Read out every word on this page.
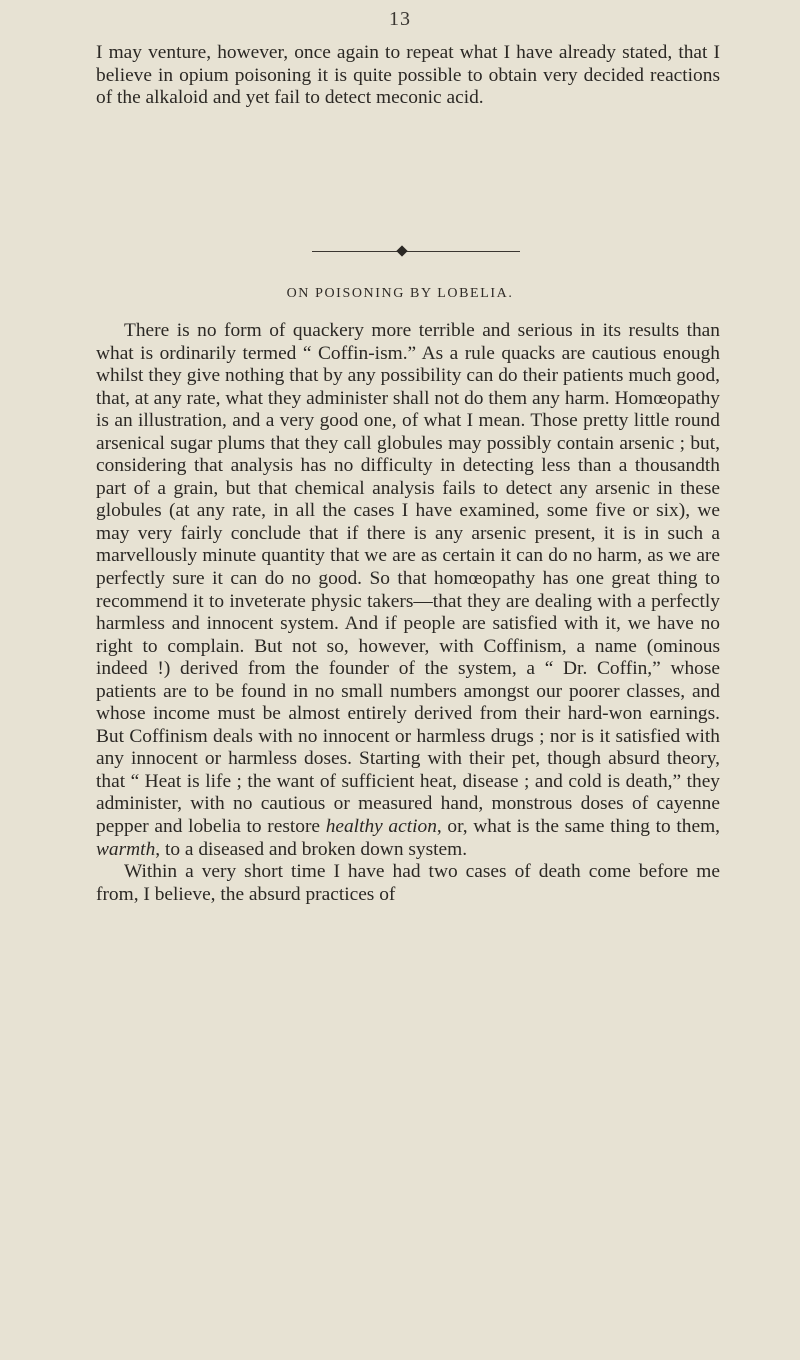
13

I may venture, however, once again to repeat what I have already stated, that I believe in opium poisoning it is quite possible to obtain very decided reactions of the alkaloid and yet fail to detect meconic acid.

ON POISONING BY LOBELIA.

There is no form of quackery more terrible and serious in its results than what is ordinarily termed “ Coffin-ism.” As a rule quacks are cautious enough whilst they give nothing that by any possibility can do their patients much good, that, at any rate, what they administer shall not do them any harm. Homœopathy is an illustration, and a very good one, of what I mean. Those pretty little round arsenical sugar plums that they call globules may possibly contain arsenic ; but, considering that analysis has no difficulty in detecting less than a thousandth part of a grain, but that chemical analysis fails to detect any arsenic in these globules (at any rate, in all the cases I have examined, some five or six), we may very fairly conclude that if there is any arsenic present, it is in such a marvellously minute quantity that we are as certain it can do no harm, as we are perfectly sure it can do no good. So that homœopathy has one great thing to recommend it to inveterate physic takers—that they are dealing with a perfectly harmless and innocent system. And if people are satisfied with it, we have no right to complain. But not so, however, with Coffinism, a name (ominous indeed !) derived from the founder of the system, a “ Dr. Coffin,” whose patients are to be found in no small numbers amongst our poorer classes, and whose income must be almost entirely derived from their hard-won earnings. But Coffinism deals with no innocent or harmless drugs ; nor is it satisfied with any innocent or harmless doses. Starting with their pet, though absurd theory, that “ Heat is life ; the want of sufficient heat, disease ; and cold is death,” they administer, with no cautious or measured hand, monstrous doses of cayenne pepper and lobelia to restore healthy action, or, what is the same thing to them, warmth, to a diseased and broken down system.

Within a very short time I have had two cases of death come before me from, I believe, the absurd practices of
